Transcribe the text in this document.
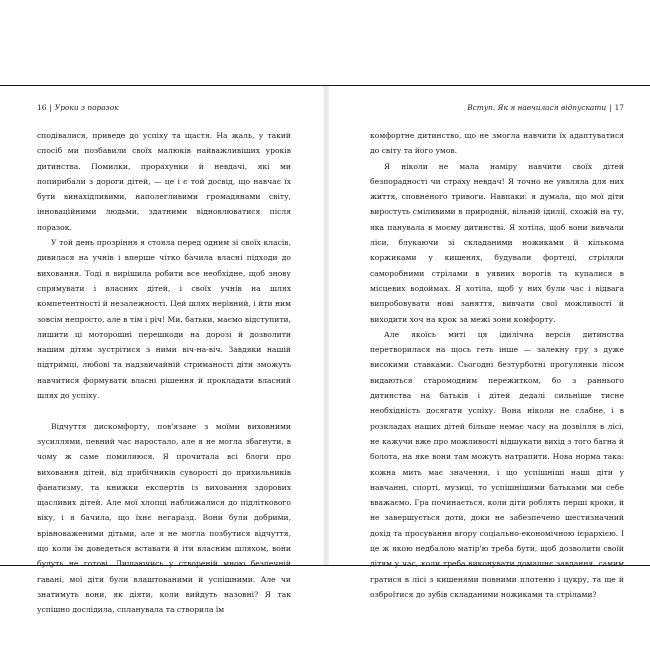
16 | Уроки з поразок

сподівалися, приведе до успіху та щастя. На жаль, у такий спосіб ми позбавили своїх малюків найважливіших уроків дитинства. Помилки, прорахунки й невдачі, які ми попирибали з дороги дітей, — це і є той досвід, що навчає їх бути винахідливими, наполегливими громадянами світу, інноваційними людьми, здатними відновлюватися після поразок.

У той день прозріння я стояла перед одним зі своїх класів, дивилася на учнів і вперше чітко бачила власні підходи до виховання. Тоді я вирішила робити все необхідне, щоб знову спрямувати і власних дітей, і своїх учнів на шлях компетентності й незалежності. Цей шлях нерівний, і йти ним зовсім непросто, але в тім і річ! Ми, батьки, маємо відступити, лишити ці моторошні перешкоди на дорозі й дозволити нашим дітям зустрітися з ними віч-на-віч. Завдяки нашій підтримці, любові та надзвичайній стриманості діти зможуть навчитися формувати власні рішення й прокладати власний шлях до успіху.

Відчуття дискомфорту, пов'язане з моїми виховними зусиллями, певний час наростало, але я не могла збагнути, в чому ж саме помиляюся. Я прочитала всі блоги про виховання дітей, від прибічників суворості до прихильників фанатизму, та книжки експертів із виховання здорових щасливих дітей. Але мої хлопці наближалися до підліткового віку, і я бачила, що їхнє негаразд. Вони були добрими, врівноваженими дітьми, але я не могла позбутися відчуття, що коли їм доведеться вставати й іти власним шляхом, вони будуть не готові. Лишаючись у створеній мною безпечній гавані, мої діти були влаштованими й успішними. Але чи знатимуть вони, як діяти, коли вийдуть назовні? Я так успішно дослідила, спланувала та створила їм

Вступ. Як я навчилася відпускати | 17

комфортне дитинство, що не змогла навчити їх адаптуватися до світу та його умов.

Я ніколи не мала наміру навчити своїх дітей безпорадності чи страху невдач! Я точно не уявляла для них життя, сповненого тривоги. Навпаки: я думала, що мої діти виростуть сміливими в природній, вільній ідилії, схожій на ту, яка панувала в моєму дитинстві. Я хотіла, щоб вони вивчали ліси, блукаючи зі складаними ножиками й кількома коржиками у кишенях, будували фортеці, стріляли саморобними стрілами в уявних ворогів та купалися в місцевих водоймах. Я хотіла, щоб у них були час і відвага випробовувати нові заняття, вивчати свої можливості й виходити хоч на крок за межі зони комфорту.

Але якоїсь миті ця ідилічна версія дитинства перетворилася на щось геть інше — залекну гру з дуже високими ставками. Сьогодні безтурботні прогулянки лісом видаються старомодним пережитком, бо з раннього дитинства на батьків і дітей дедалі сильніше тисне необхідність досягати успіху. Вона ніколи не слабне, і в розкладах наших дітей більше немає часу на дозвілля в лісі, не кажучи вже про можливості відшукати вихід з того багна й болота, на яке вони там можуть натрапити. Нова норма така: кожна мить має значення, і що успішніші наші діти у навчанні, спорті, музиці, то успішнішими батьками ми себе вважаємо. Гра починається, коли діти роблять перші кроки, й не завершується доти, доки не забезпечено шестизначний дохід та просування вгору соціально-економічною ієрархією. І це ж якою недбалою матір'ю треба бути, щоб дозволити своїй дітям у час, коли треба виконувати домашнє завдання, самим гратися в лісі з кишенями повними плотеню і цукру, та ще й озброїтися до зубів складаними ножиками та стрілами?
